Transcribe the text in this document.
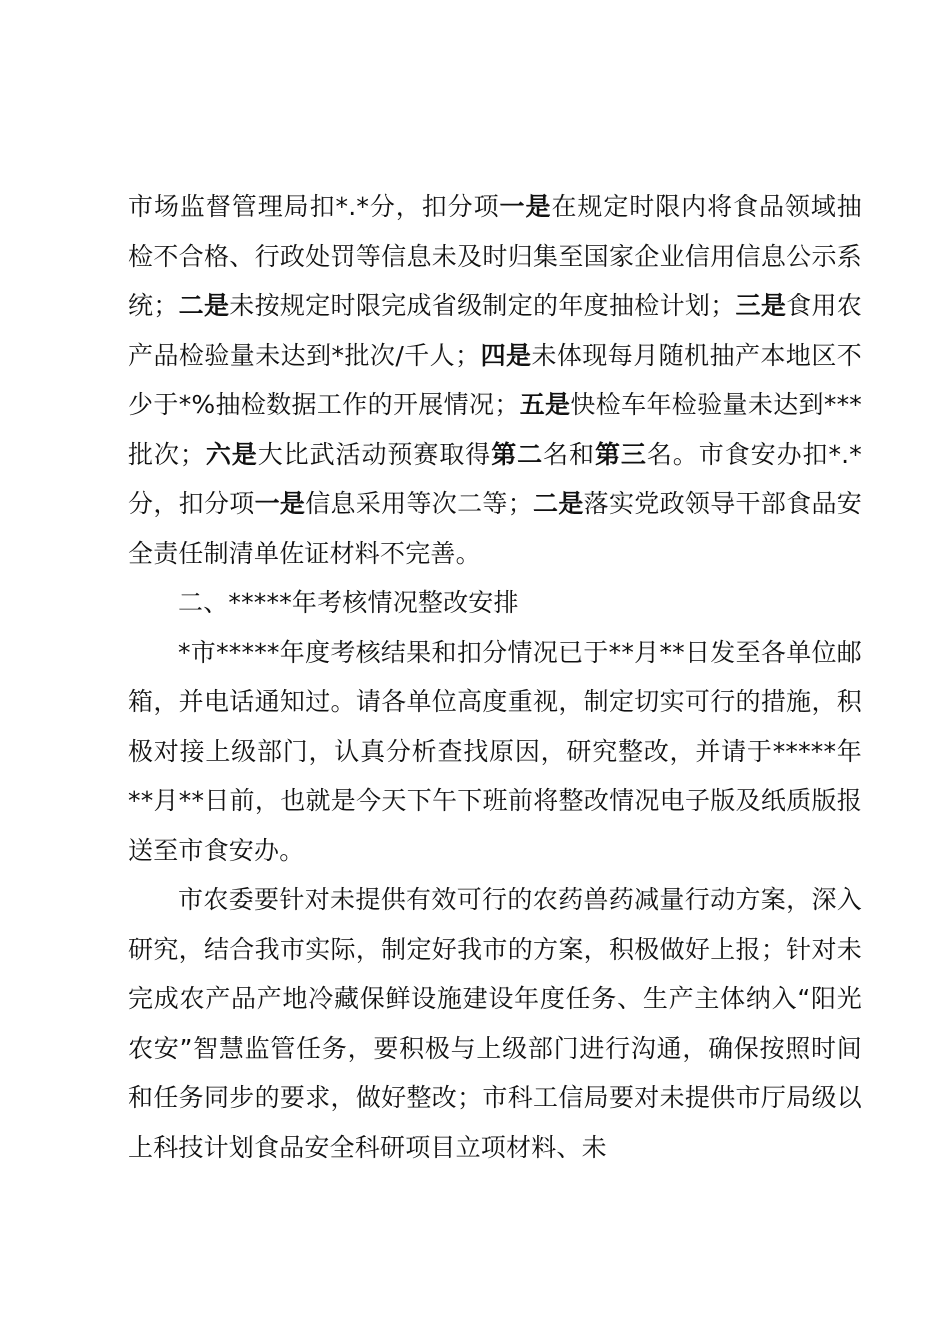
市场监督管理局扣*.*分，扣分项一是在规定时限内将食品领域抽检不合格、行政处罚等信息未及时归集至国家企业信用信息公示系统；二是未按规定时限完成省级制定的年度抽检计划；三是食用农产品检验量未达到*批次/千人；四是未体现每月随机抽产本地区不少于*%抽检数据工作的开展情况；五是快检车年检验量未达到***批次；六是大比武活动预赛取得第二名和第三名。市食安办扣*.*分，扣分项一是信息采用等次二等；二是落实党政领导干部食品安全责任制清单佐证材料不完善。

二、*****年考核情况整改安排

*市*****年度考核结果和扣分情况已于**月**日发至各单位邮箱，并电话通知过。请各单位高度重视，制定切实可行的措施，积极对接上级部门，认真分析查找原因，研究整改，并请于*****年**月**日前，也就是今天下午下班前将整改情况电子版及纸质版报送至市食安办。

市农委要针对未提供有效可行的农药兽药减量行动方案，深入研究，结合我市实际，制定好我市的方案，积极做好上报；针对未完成农产品产地冷藏保鲜设施建设年度任务、生产主体纳入“阳光农安”智慧监管任务，要积极与上级部门进行沟通，确保按照时间和任务同步的要求，做好整改；市科工信局要对未提供市厅局级以上科技计划食品安全科研项目立项材料、未
